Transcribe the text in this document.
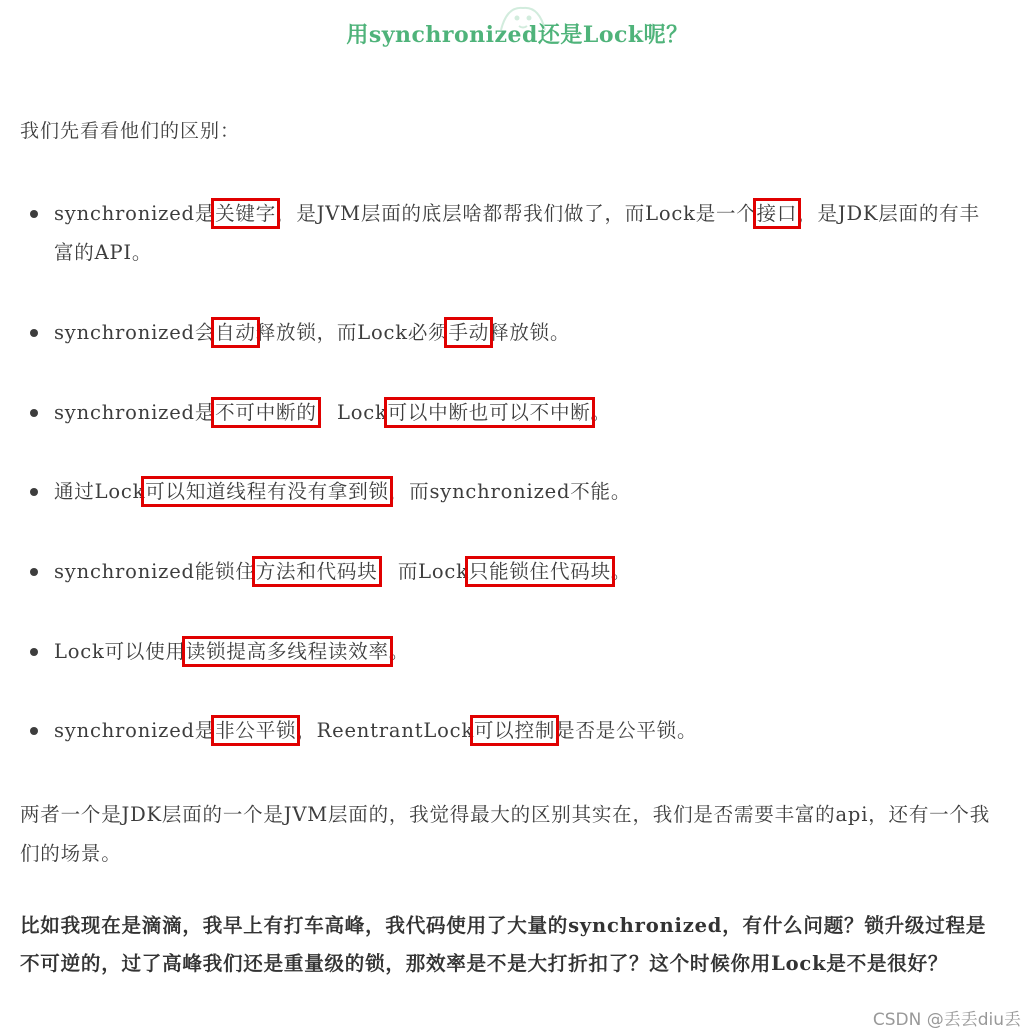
用synchronized还是Lock呢？
我们先看看他们的区别：
synchronized是关键字，是JVM层面的底层啥都帮我们做了，而Lock是一个接口，是JDK层面的有丰富的API。
synchronized会自动释放锁，而Lock必须手动释放锁。
synchronized是不可中断的，Lock可以中断也可以不中断。
通过Lock可以知道线程有没有拿到锁，而synchronized不能。
synchronized能锁住方法和代码块，而Lock只能锁住代码块。
Lock可以使用读锁提高多线程读效率。
synchronized是非公平锁，ReentrantLock可以控制是否是公平锁。
两者一个是JDK层面的一个是JVM层面的，我觉得最大的区别其实在，我们是否需要丰富的api，还有一个我们的场景。
比如我现在是滴滴，我早上有打车高峰，我代码使用了大量的synchronized，有什么问题？锁升级过程是不可逆的，过了高峰我们还是重量级的锁，那效率是不是大打折扣了？这个时候你用Lock是不是很好？
CSDN @丢丢diu丢
